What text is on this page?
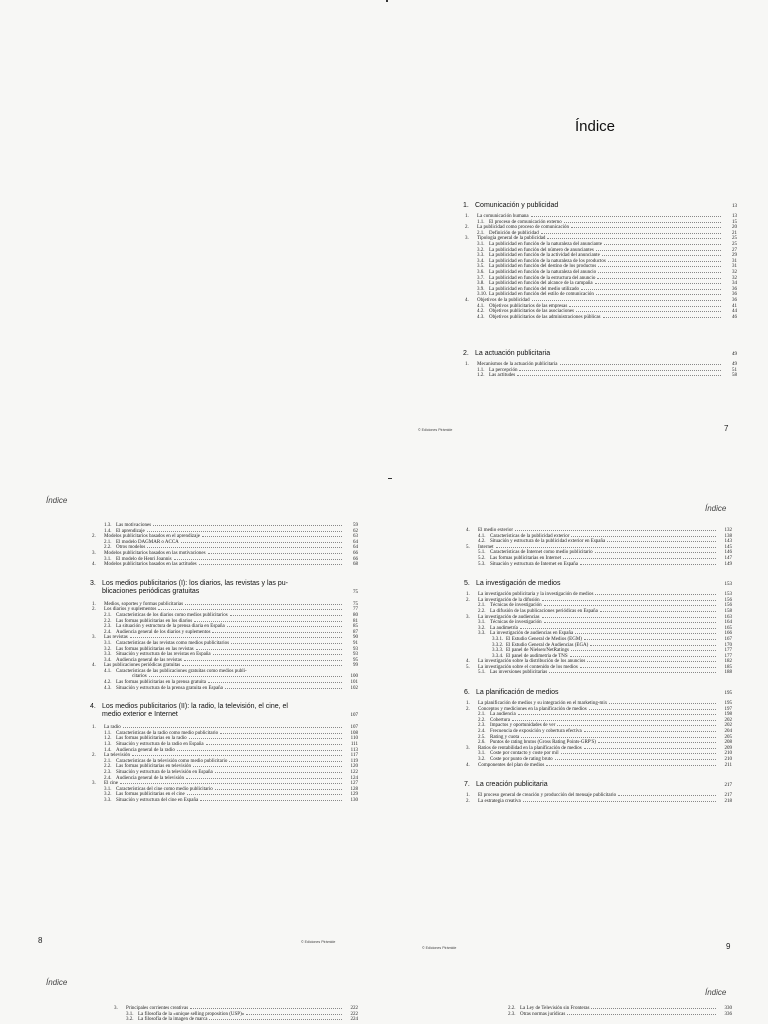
Índice
1. Comunicación y publicidad	13
1.	La comunicación humana	13
1.1. El proceso de comunicación externo	15
2.	La publicidad como proceso de comunicación	20
2.1. Definición de publicidad	21
3.	Tipología general de la publicidad	25
3.1. La publicidad en función de la naturaleza del anunciante	25
3.2. La publicidad en función del número de anunciantes	27
3.3. La publicidad en función de la actividad del anunciante	29
3.4. La publicidad en función de la naturaleza de los productos	31
3.5. La publicidad en función del destino de los productos	31
3.6. La publicidad en función de la naturaleza del anuncio	32
3.7. La publicidad en función de la estructura del anuncio	32
3.8. La publicidad en función del alcance de la campaña	34
3.9. La publicidad en función del medio utilizado	36
3.10. La publicidad en función del estilo de comunicación	36
4.	Objetivos de la publicidad	36
4.1. Objetivos publicitarios de las empresas	41
4.2. Objetivos publicitarios de las asociaciones	44
4.3. Objetivos publicitarios de las administraciones públicas	46
2. La actuación publicitaria	49
1.	Mecanismos de la actuación publicitaria	49
1.1. La percepción	51
1.2. Las actitudes	58
© Ediciones Pirámide	7
Índice
1.3. Las motivaciones	59
1.4. El aprendizaje	62
2.	Modelos publicitarios basados en el aprendizaje	63
2.1. El modelo DAGMAR o ACCA	64
2.2. Otros modelos	64
3.	Modelos publicitarios basados en las motivaciones	66
3.1. El modelo de Henri Joannis	66
4.	Modelos publicitarios basados en las actitudes	68
3. Los medios publicitarios (I): los diarios, las revistas y las pu-
blicaciones periódicas gratuitas	75
1.	Medios, soportes y formas publicitarias	75
2.	Los diarios y suplementos	77
2.1. Características de los diarios como medios publicitarios	80
2.2. Las formas publicitarias en los diarios	81
2.3. La situación y estructura de la prensa diaria en España	85
2.4. Audiencia general de los diarios y suplementos	87
3.	Las revistas	90
3.1. Características de las revistas como medios publicitarios	91
3.2. Las formas publicitarias en las revistas	93
3.3. Situación y estructura de las revistas en España	93
3.4. Audiencia general de las revistas	95
4.	Las publicaciones periódicas gratuitas	99
4.1. Características de las publicaciones gratuitas como medios publi-
citarios	100
4.2. Las formas publicitarias en la prensa gratuita	101
4.3. Situación y estructura de la prensa gratuita en España	102
4. Los medios publicitarios (II): la radio, la televisión, el cine, el
medio exterior e Internet	107
1.	La radio	107
1.1. Características de la radio como medio publicitario	108
1.2. Las formas publicitarias en la radio	110
1.3. Situación y estructura de la radio en España	111
1.4. Audiencia general de la radio	113
2.	La televisión	117
2.1. Características de la televisión como medio publicitario	119
2.2. Las formas publicitarias en televisión	120
2.3. Situación y estructura de la televisión en España	122
2.4. Audiencia general de la televisión	124
3.	El cine	127
3.1. Características del cine como medio publicitario	128
3.2. Las formas publicitarias en el cine	129
3.3. Situación y estructura del cine en España	130
8	© Ediciones Pirámide
Índice
4.	El medio exterior	132
4.1. Características de la publicidad exterior	138
4.2. Situación y estructura de la publicidad exterior en España	143
5.	Internet	145
5.1. Características de Internet como medio publicitario	146
5.2. Las formas publicitarias en Internet	147
5.3. Situación y estructura de Internet en España	149
5. La investigación de medios	153
1.	La investigación publicitaria y la investigación de medios	153
2.	La investigación de la difusión	156
2.1. Técnicas de investigación	156
2.2. La difusión de las publicaciones periódicas en España	158
3.	La investigación de audiencias	163
3.1. Técnicas de investigación	164
3.2. La audimetría	165
3.3. La investigación de audiencias en España	166
3.3.1. El Estudio General de Medios (EGM)	167
3.3.2. El Estudio General de Audiencias (EGA)	170
3.3.3. El panel de Nielsen/NetRatings	177
3.3.4. El panel de audimetría de TNS	177
4.	La investigación sobre la distribución de los anuncios	182
5.	La investigación sobre el contenido de los medios	185
5.1. Las inversiones publicitarias	188
6. La planificación de medios	195
1.	La planificación de medios y su integración en el marketing-mix	195
2.	Conceptos y mediciones en la planificación de medios	197
2.1. La audiencia	198
2.2. Cobertura	202
2.3. Impactos y oportunidades de ver	202
2.4. Frecuencia de exposición y cobertura efectiva	204
2.5. Rating y cuota	205
2.6. Puntos de rating brutos (Gross Rating Points-GRP'S)	208
3.	Ratios de rentabilidad en la planificación de medios	209
3.1. Coste por contacto y coste por mil	210
3.2. Coste por punto de rating bruto	210
4.	Componentes del plan de medios	211
7. La creación publicitaria	217
1.	El proceso general de creación y producción del mensaje publicitario	217
2.	La estrategia creativa	218
© Ediciones Pirámide	9
Índice
3.	Principales corrientes creativas	222
3.1. La filosofía de la «unique selling proposition (USP)»	222
3.2. La filosofía de la imagen de marca	224
Índice
2.2. La Ley de Televisión sin Fronteras	330
2.3. Otras normas jurídicas	336
